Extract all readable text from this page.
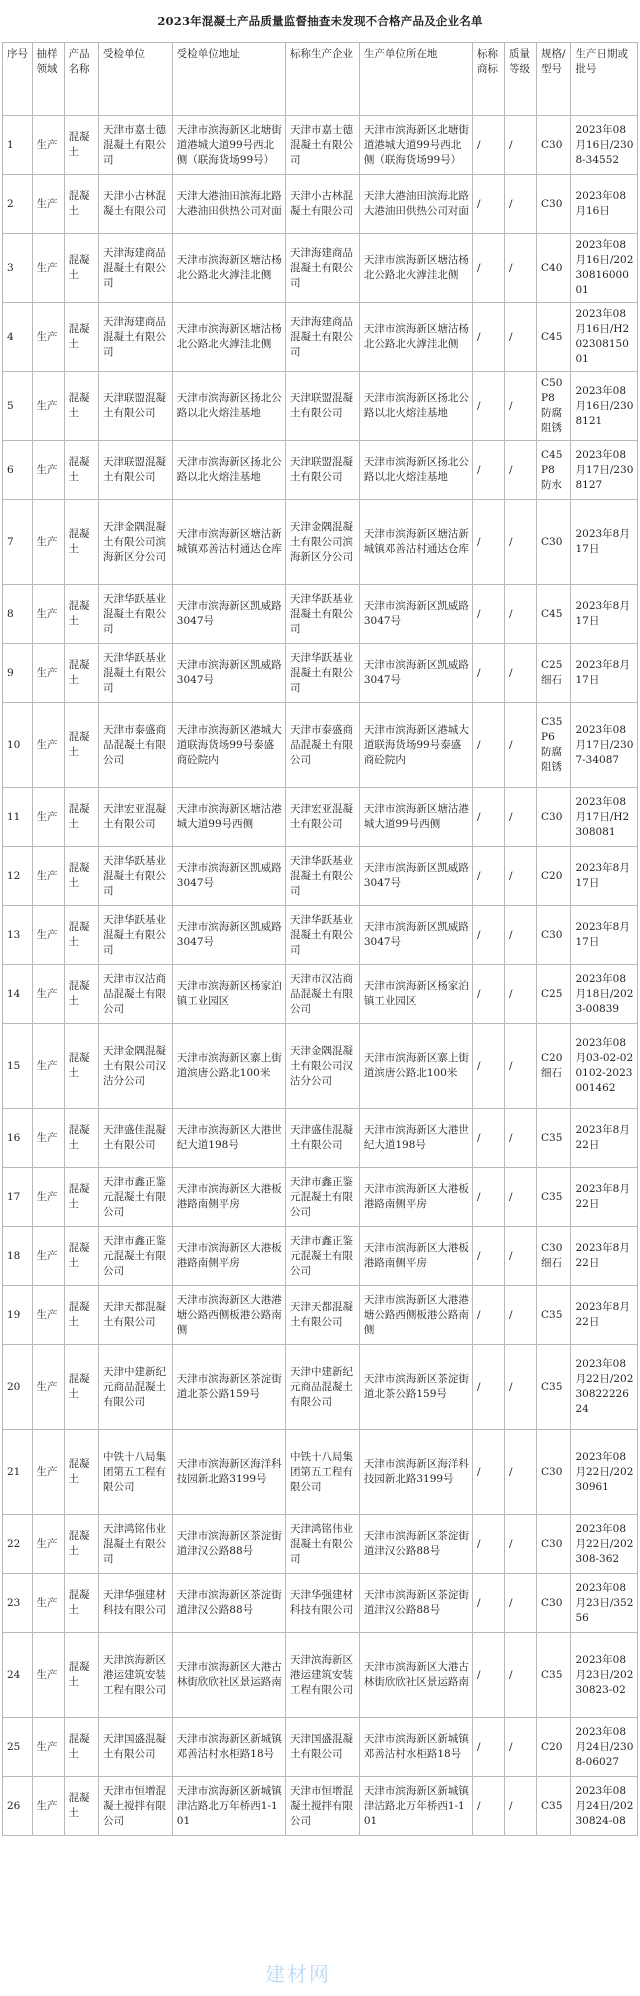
2023年混凝土产品质量监督抽查未发现不合格产品及企业名单
序号	抽样领域	产品名称	受检单位	受检单位地址	标称生产企业	生产单位所在地	标称商标	质量等级	规格/型号	生产日期或批号
1	生产	混凝土	天津市嘉士德混凝土有限公司	天津市滨海新区北塘街道港城大道99号西北侧（联海货场99号）	天津市嘉士德混凝土有限公司	天津市滨海新区北塘街道港城大道99号西北侧（联海货场99号）	/	/	C30	2023年08月16日/2308-34552
2	生产	混凝土	天津小古林混凝土有限公司	天津大港油田滨海北路大港油田供热公司对面	天津小古林混凝土有限公司	天津大港油田滨海北路大港油田供热公司对面	/	/	C30	2023年08月16日
3	生产	混凝土	天津海建商品混凝土有限公司	天津市滨海新区塘沽杨北公路北火滹洼北侧	天津海建商品混凝土有限公司	天津市滨海新区塘沽杨北公路北火滹洼北侧	/	/	C40	2023年08月16日/2023081600001
4	生产	混凝土	天津海建商品混凝土有限公司	天津市滨海新区塘沽杨北公路北火滹洼北侧	天津海建商品混凝土有限公司	天津市滨海新区塘沽杨北公路北火滹洼北侧	/	/	C45	2023年08月16日/H20230815001
5	生产	混凝土	天津联盟混凝土有限公司	天津市滨海新区扬北公路以北火熔洼基地	天津联盟混凝土有限公司	天津市滨海新区扬北公路以北火熔洼基地	/	/	C50 P8 防腐阻锈	2023年08月16日/2308121
6	生产	混凝土	天津联盟混凝土有限公司	天津市滨海新区扬北公路以北火熔洼基地	天津联盟混凝土有限公司	天津市滨海新区扬北公路以北火熔洼基地	/	/	C45 P8 防水	2023年08月17日/2308127
7	生产	混凝土	天津金隅混凝土有限公司滨海新区分公司	天津市滨海新区塘沽新城镇邓善沽村通达仓库	天津金隅混凝土有限公司滨海新区分公司	天津市滨海新区塘沽新城镇邓善沽村通达仓库	/	/	C30	2023年8月17日
8	生产	混凝土	天津华跃基业混凝土有限公司	天津市滨海新区凯威路3047号	天津华跃基业混凝土有限公司	天津市滨海新区凯威路3047号	/	/	C45	2023年8月17日
9	生产	混凝土	天津华跃基业混凝土有限公司	天津市滨海新区凯威路3047号	天津华跃基业混凝土有限公司	天津市滨海新区凯威路3047号	/	/	C25 细石	2023年8月17日
10	生产	混凝土	天津市泰盛商品混凝土有限公司	天津市滨海新区港城大道联海货场99号泰盛商砼院内	天津市泰盛商品混凝土有限公司	天津市滨海新区港城大道联海货场99号泰盛商砼院内	/	/	C35 P6 防腐阻锈	2023年08月17日/2307-34087
11	生产	混凝土	天津宏亚混凝土有限公司	天津市滨海新区塘沽港城大道99号西侧	天津宏亚混凝土有限公司	天津市滨海新区塘沽港城大道99号西侧	/	/	C30	2023年08月17日/H2308081
12	生产	混凝土	天津华跃基业混凝土有限公司	天津市滨海新区凯威路3047号	天津华跃基业混凝土有限公司	天津市滨海新区凯威路3047号	/	/	C20	2023年8月17日
13	生产	混凝土	天津华跃基业混凝土有限公司	天津市滨海新区凯威路3047号	天津华跃基业混凝土有限公司	天津市滨海新区凯威路3047号	/	/	C30	2023年8月17日
14	生产	混凝土	天津市汉沽商品混凝土有限公司	天津市滨海新区杨家泊镇工业园区	天津市汉沽商品混凝土有限公司	天津市滨海新区杨家泊镇工业园区	/	/	C25	2023年08月18日/2023-00839
15	生产	混凝土	天津金隅混凝土有限公司汉沽分公司	天津市滨海新区寨上街道滨唐公路北100米	天津金隅混凝土有限公司汉沽分公司	天津市滨海新区寨上街道滨唐公路北100米	/	/	C20 细石	2023年08月03-02-020102-2023001462
16	生产	混凝土	天津盛佳混凝土有限公司	天津市滨海新区大港世纪大道198号	天津盛佳混凝土有限公司	天津市滨海新区大港世纪大道198号	/	/	C35	2023年8月22日
17	生产	混凝土	天津市鑫正鉴元混凝土有限公司	天津市滨海新区大港板港路南侧平房	天津市鑫正鉴元混凝土有限公司	天津市滨海新区大港板港路南侧平房	/	/	C35	2023年8月22日
18	生产	混凝土	天津市鑫正鉴元混凝土有限公司	天津市滨海新区大港板港路南侧平房	天津市鑫正鉴元混凝土有限公司	天津市滨海新区大港板港路南侧平房	/	/	C30 细石	2023年8月22日
19	生产	混凝土	天津天都混凝土有限公司	天津市滨海新区大港港塘公路西侧板港公路南侧	天津天都混凝土有限公司	天津市滨海新区大港港塘公路西侧板港公路南侧	/	/	C35	2023年8月22日
20	生产	混凝土	天津中建新纪元商品混凝土有限公司	天津市滨海新区茶淀街道北茶公路159号	天津中建新纪元商品混凝土有限公司	天津市滨海新区茶淀街道北茶公路159号	/	/	C35	2023年08月22日/2023082222624
21	生产	混凝土	中铁十八局集团第五工程有限公司	天津市滨海新区海洋科技园新北路3199号	中铁十八局集团第五工程有限公司	天津市滨海新区海洋科技园新北路3199号	/	/	C30	2023年08月22日/20230961
22	生产	混凝土	天津鸿铭伟业混凝土有限公司	天津市滨海新区茶淀街道津汉公路88号	天津鸿铭伟业混凝土有限公司	天津市滨海新区茶淀街道津汉公路88号	/	/	C30	2023年08月22日/202308-362
23	生产	混凝土	天津华强建材科技有限公司	天津市滨海新区茶淀街道津汉公路88号	天津华强建材科技有限公司	天津市滨海新区茶淀街道津汉公路88号	/	/	C30	2023年08月23日/35256
24	生产	混凝土	天津滨海新区港运建筑安装工程有限公司	天津市滨海新区大港古林街欣欣社区景运路南	天津滨海新区港运建筑安装工程有限公司	天津市滨海新区大港古林街欣欣社区景运路南	/	/	C35	2023年08月23日/20230823-02
25	生产	混凝土	天津国盛混凝土有限公司	天津市滨海新区新城镇邓善沽村水柜路18号	天津国盛混凝土有限公司	天津市滨海新区新城镇邓善沽村水柜路18号	/	/	C20	2023年08月24日/2308-06027
26	生产	混凝土	天津市恒增混凝土搅拌有限公司	天津市滨海新区新城镇津沽路北万年桥西1-101	天津市恒增混凝土搅拌有限公司	天津市滨海新区新城镇津沽路北万年桥西1-101	/	/	C35	2023年08月24日/20230824-08
建材网
